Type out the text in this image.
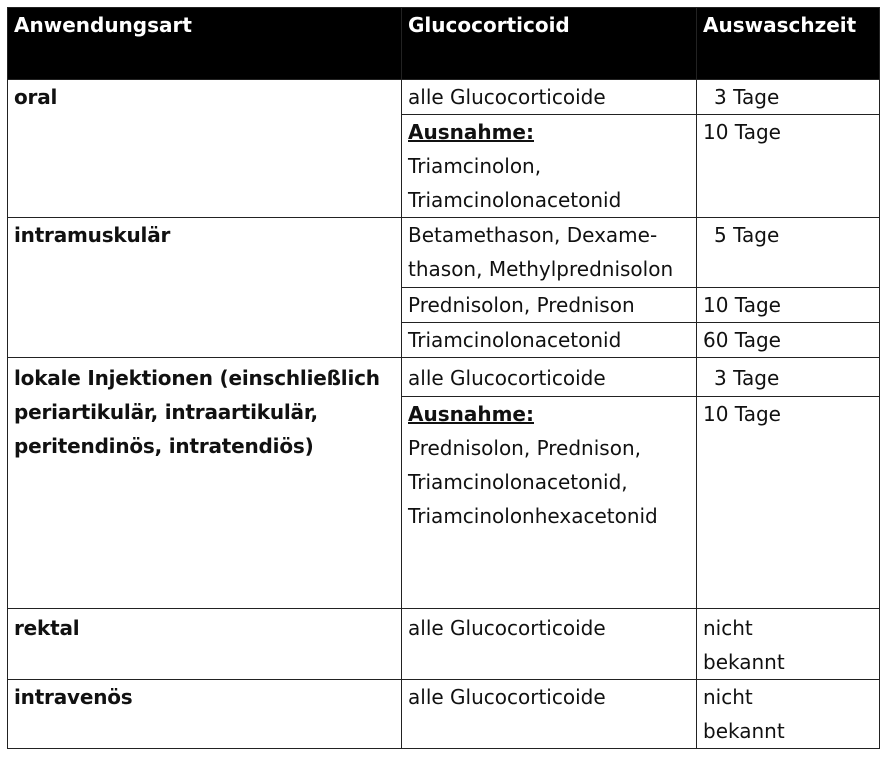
Anwendungsart	Glucocorticoid	Auswaschzeit
oral	alle Glucocorticoide	3 Tage

	Ausnahme:
Triamcinolon,
Triamcinolonacetonid	10 Tage
intramuskulär	Betamethason, Dexame-
thason, Methylprednisolon	5 Tage
	Prednisolon, Prednison	10 Tage
	Triamcinolonacetonid	60 Tage

lokale Injektionen (einschließlich
periartikulär, intraartikulär,
peritendinös, intratendiös)	alle Glucocorticoide	3 Tage

	Ausnahme:
Prednisolon, Prednison,
Triamcinolonacetonid,
Triamcinolonhexacetonid	10 Tage
rektal	alle Glucocorticoide	nicht
bekannt

intravenös	alle Glucocorticoide	nicht
bekannt
